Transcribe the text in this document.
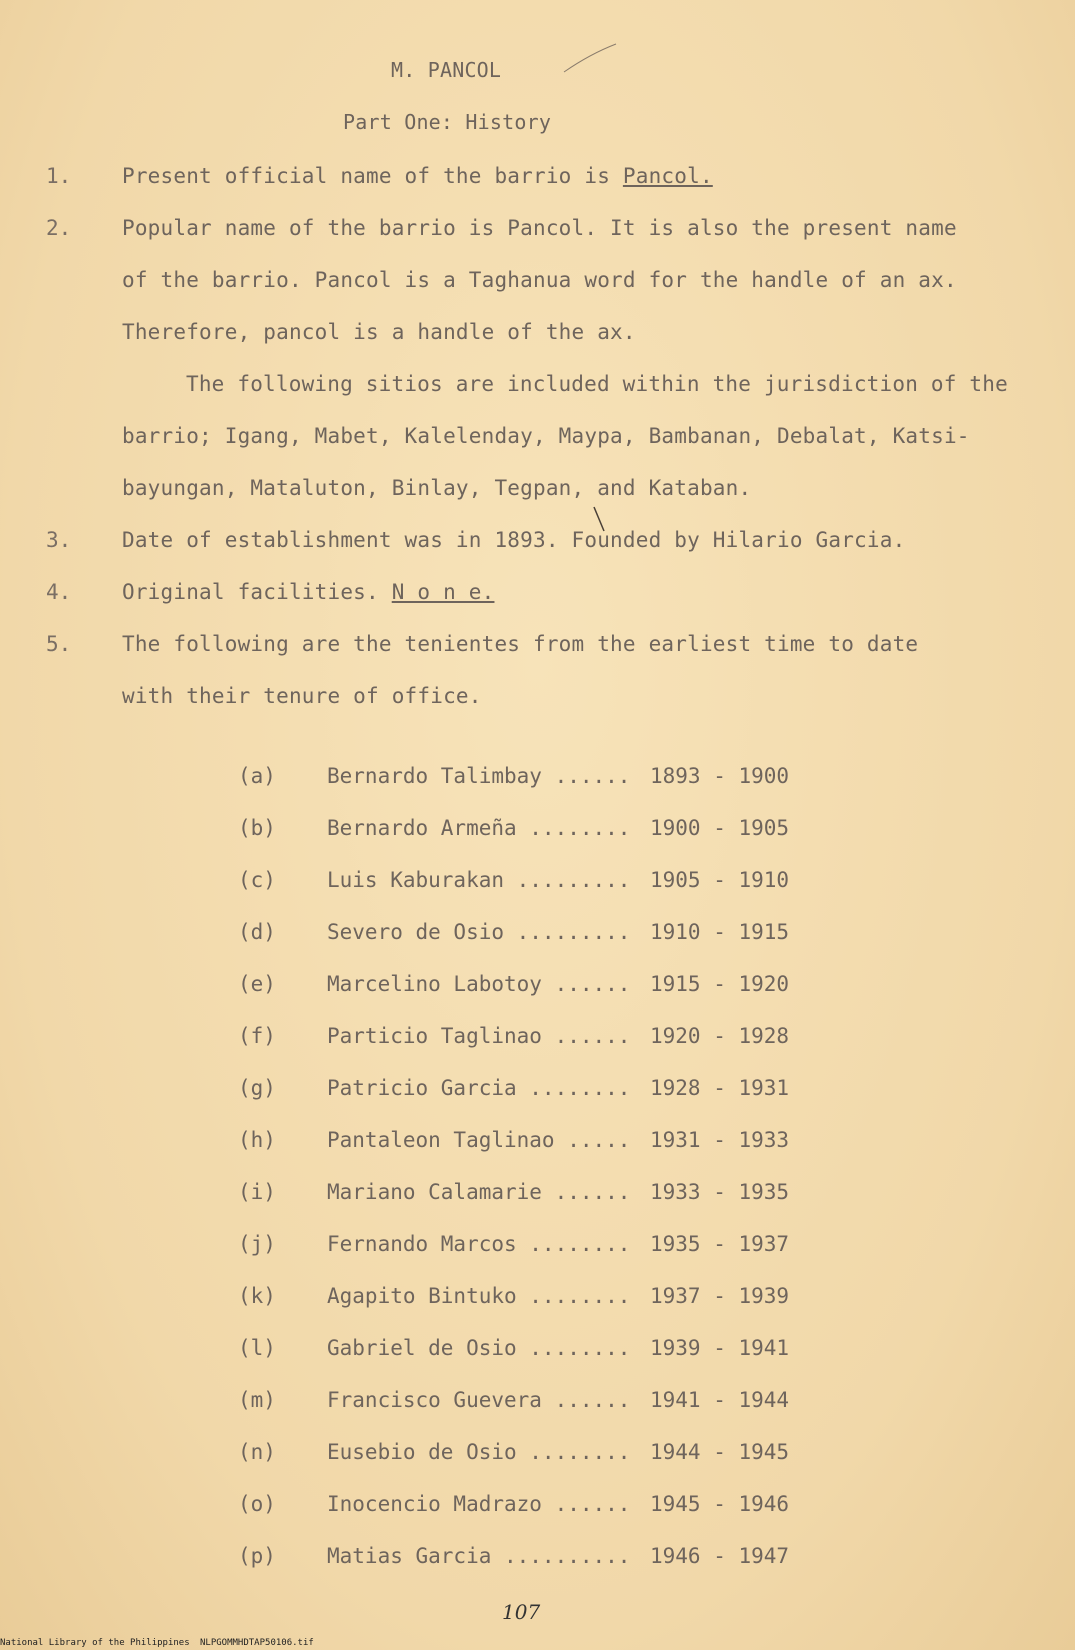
M. PANCOL
Part One: History
1. Present official name of the barrio is Pancol.
2. Popular name of the barrio is Pancol. It is also the present name
of the barrio. Pancol is a Taghanua word for the handle of an ax.
Therefore, pancol is a handle of the ax.
The following sitios are included within the jurisdiction of the
barrio; Igang, Mabet, Kalelenday, Maypa, Bambanan, Debalat, Katsi-
bayungan, Mataluton, Binlay, Tegpan, and Kataban.
3. Date of establishment was in 1893. Founded by Hilario Garcia.
4. Original facilities. N o n e.
5. The following are the tenientes from the earliest time to date
with their tenure of office.
(a) Bernardo Talimbay ...... 1893 - 1900
(b) Bernardo Armeña ........ 1900 - 1905
(c) Luis Kaburakan ......... 1905 - 1910
(d) Severo de Osio ......... 1910 - 1915
(e) Marcelino Labotoy ...... 1915 - 1920
(f) Particio Taglinao ...... 1920 - 1928
(g) Patricio Garcia ........ 1928 - 1931
(h) Pantaleon Taglinao ..... 1931 - 1933
(i) Mariano Calamarie ...... 1933 - 1935
(j) Fernando Marcos ........ 1935 - 1937
(k) Agapito Bintuko ........ 1937 - 1939
(l) Gabriel de Osio ........ 1939 - 1941
(m) Francisco Guevera ...... 1941 - 1944
(n) Eusebio de Osio ........ 1944 - 1945
(o) Inocencio Madrazo ...... 1945 - 1946
(p) Matias Garcia .......... 1946 - 1947
107
National Library of the Philippines NLPGOMMHDTAP50106.tif
